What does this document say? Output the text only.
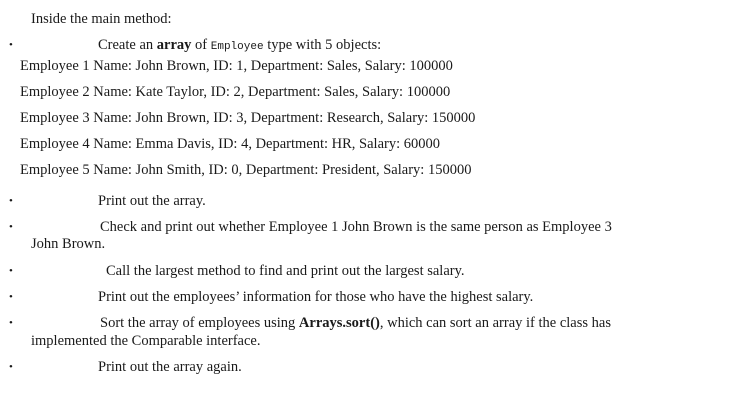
Inside the main method:
•	Create an array of Employee type with 5 objects:
Employee 1 Name: John Brown, ID: 1, Department: Sales, Salary: 100000
Employee 2 Name: Kate Taylor, ID: 2, Department: Sales, Salary: 100000
Employee 3 Name: John Brown, ID: 3, Department: Research, Salary: 150000
Employee 4 Name: Emma Davis, ID: 4, Department: HR, Salary: 60000
Employee 5 Name: John Smith, ID: 0, Department: President, Salary: 150000
•	Print out the array.
•	Check and print out whether Employee 1 John Brown is the same person as Employee 3
John Brown.
•	Call the largest method to find and print out the largest salary.
•	Print out the employees’ information for those who have the highest salary.
•	Sort the array of employees using Arrays.sort(), which can sort an array if the class has
implemented the Comparable interface.
•	Print out the array again.
